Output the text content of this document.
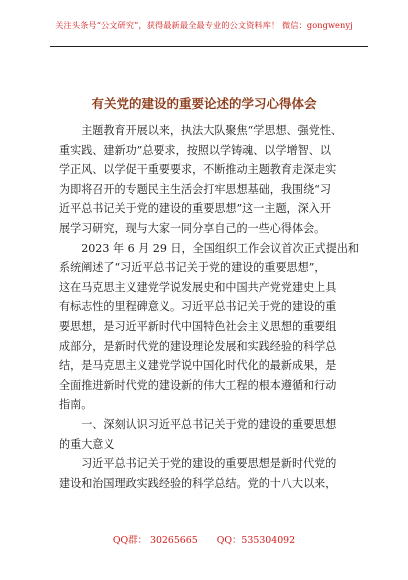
关注头条号“公文研究”，获得最新最全最专业的公文资料库！ 微信：gongwenyj
有关党的建设的重要论述的学习心得体会

主题教育开展以来，执法大队聚焦“学思想、强党性、
重实践、建新功”总要求，按照以学铸魂、以学增智、以
学正风、以学促干重要要求，不断推动主题教育走深走实
为即将召开的专题民主生活会打牢思想基础，我围绕“习
近平总书记关于党的建设的重要思想”这一主题，深入开
展学习研究，现与大家一同分享自己的一些心得体会。

2023 年 6 月 29 日，全国组织工作会议首次正式提出和
系统阐述了“习近平总书记关于党的建设的重要思想”，
这在马克思主义建党学说发展史和中国共产党党建史上具
有标志性的里程碑意义。习近平总书记关于党的建设的重
要思想，是习近平新时代中国特色社会主义思想的重要组
成部分，是新时代党的建设理论发展和实践经验的科学总
结，是马克思主义建党学说中国化时代化的最新成果，是
全面推进新时代党的建设新的伟大工程的根本遵循和行动
指南。

一、深刻认识习近平总书记关于党的建设的重要思想
的重大意义

习近平总书记关于党的建设的重要思想是新时代党的
建设和治国理政实践经验的科学总结。党的十八大以来，

QQ群： 30265665 QQ：535304092
